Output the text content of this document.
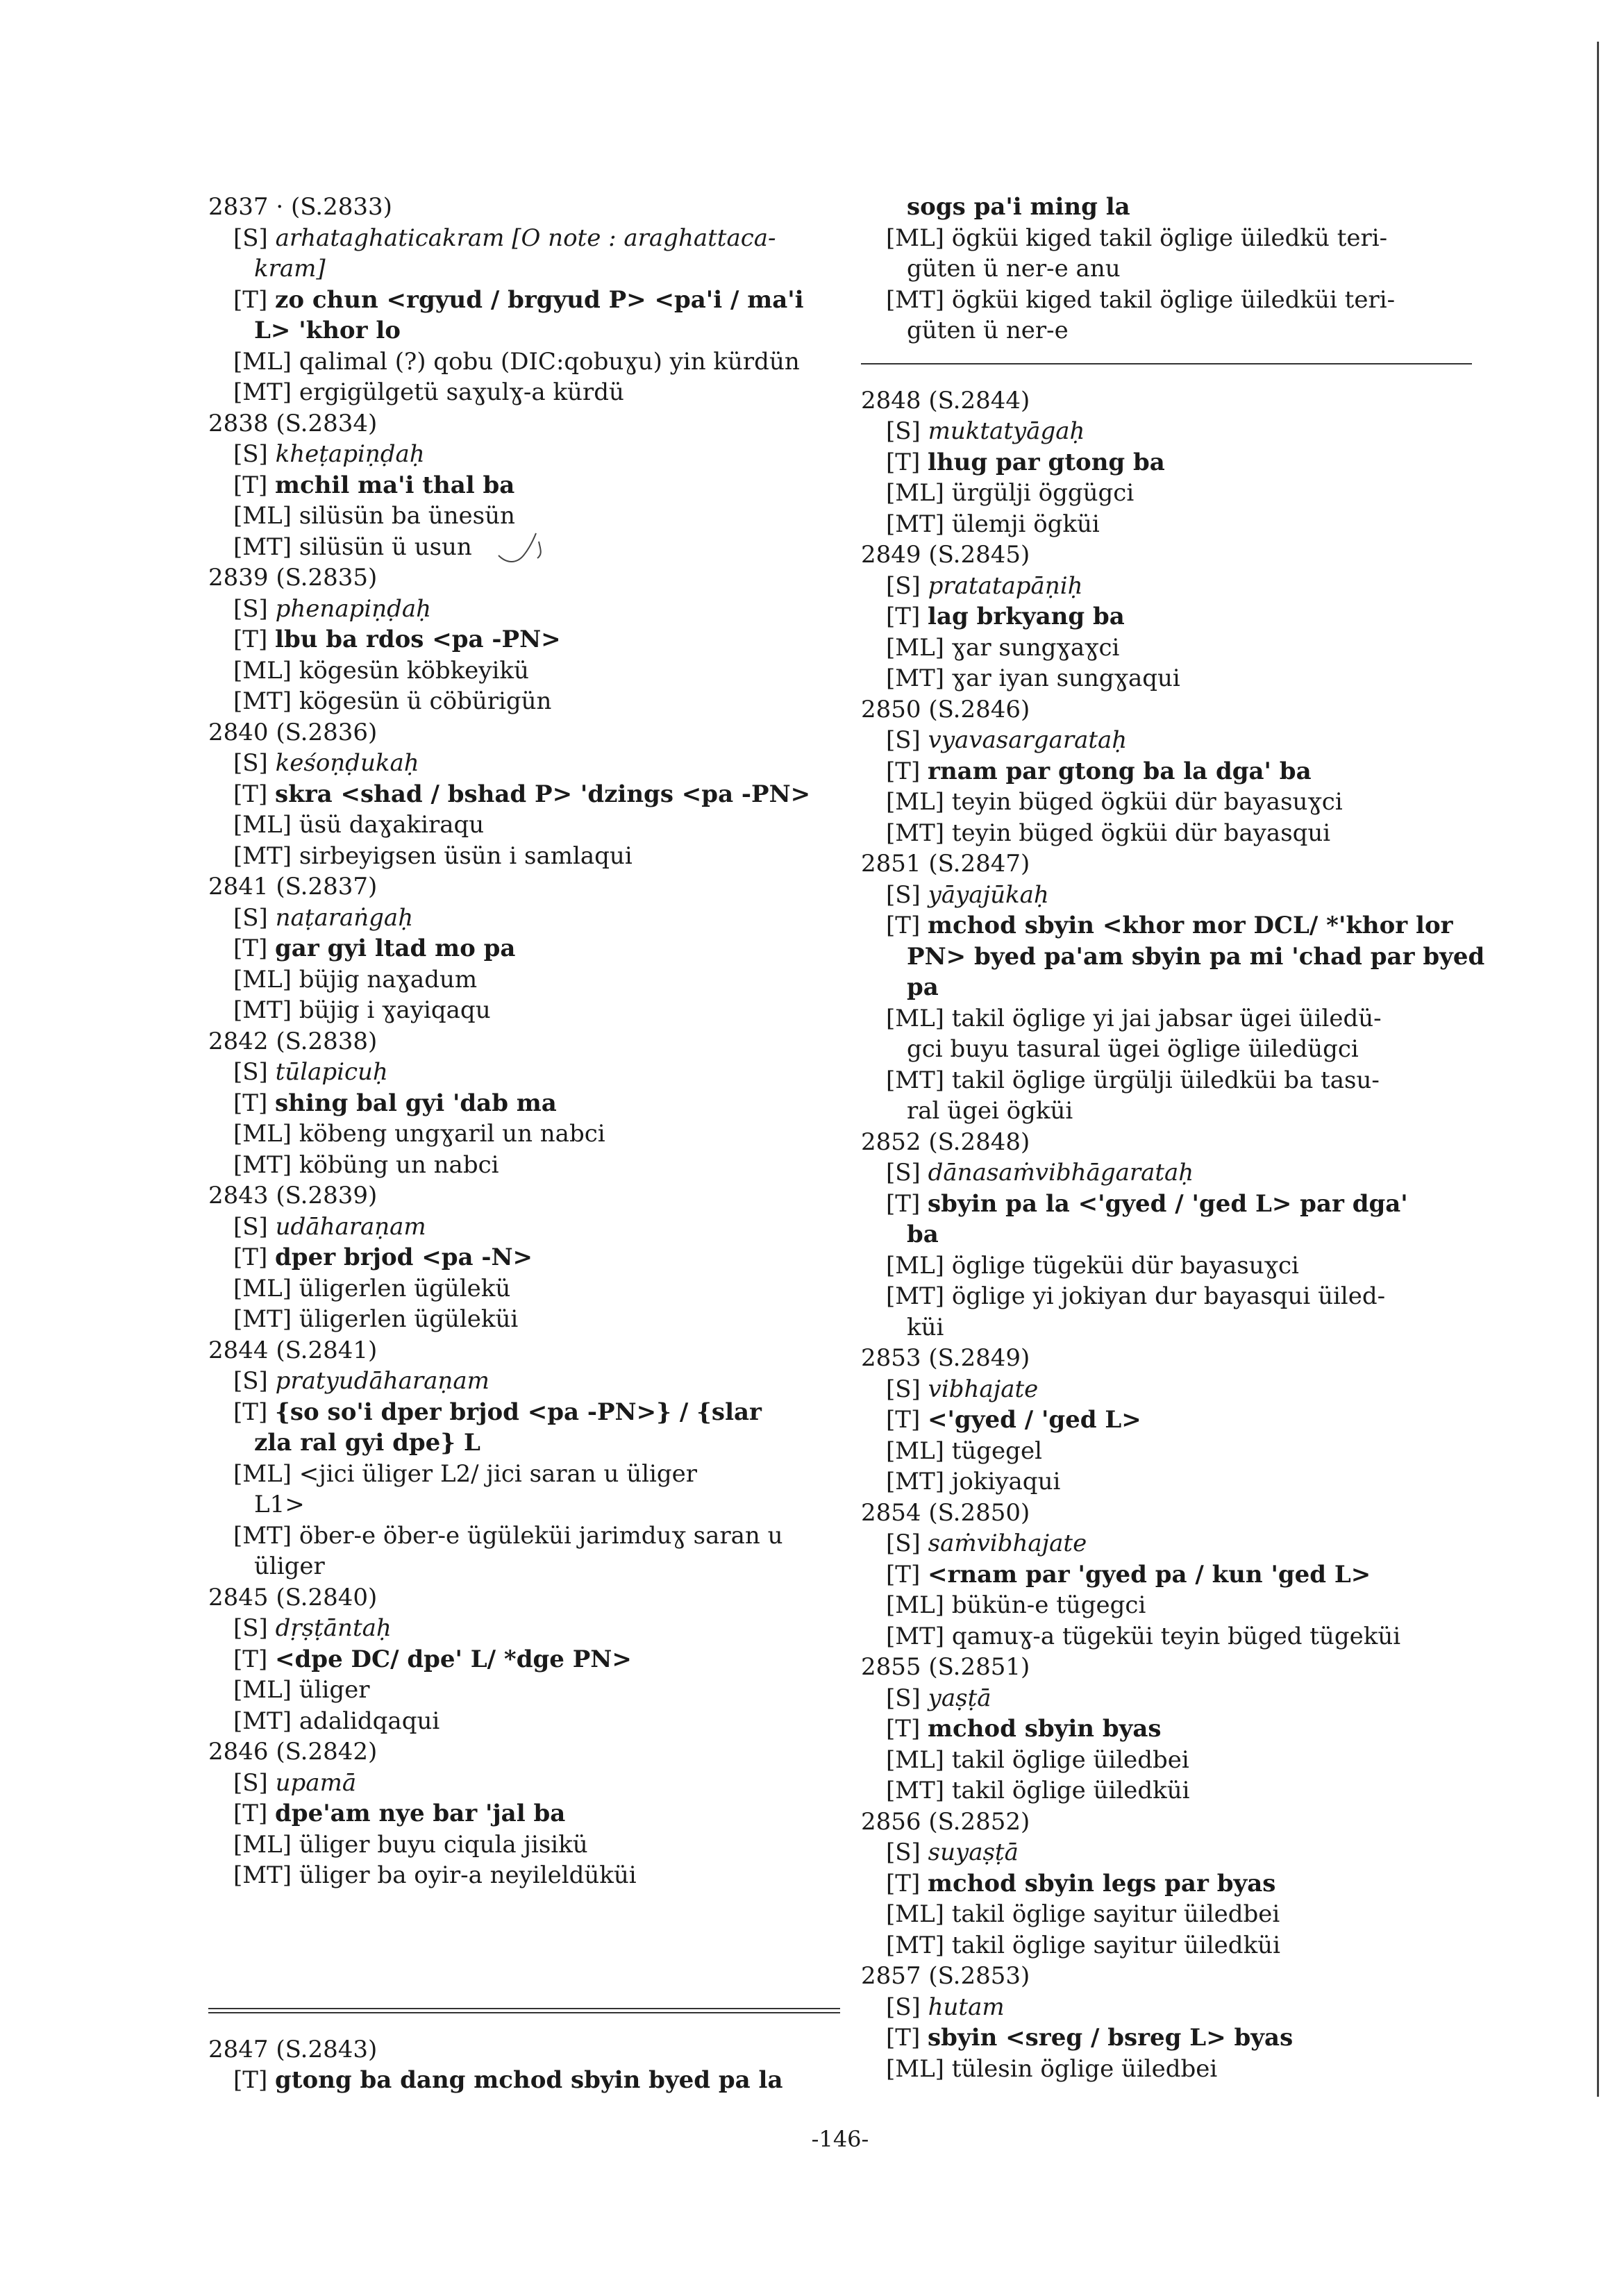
2837 · (S.2833)
[S] arhataghaticakram [O note : araghattaca-
kram]
[T] zo chun <rgyud / brgyud P> <pa'i / ma'i
L> 'khor lo
[ML] qalimal (?) qobu (DIC:qobuɣu) yin kürdün
[MT] ergigülgetü saɣulɣ-a kürdü
2838 (S.2834)
[S] kheṭapiṇḍaḥ
[T] mchil ma'i thal ba
[ML] silüsün ba ünesün
[MT] silüsün ü usun
2839 (S.2835)
[S] phenapiṇḍaḥ
[T] lbu ba rdos <pa -PN>
[ML] kögesün köbkeyikü
[MT] kögesün ü cöbürigün
2840 (S.2836)
[S] keśoṇḍukaḥ
[T] skra <shad / bshad P> 'dzings <pa -PN>
[ML] üsü daɣakiraqu
[MT] sirbeyigsen üsün i samlaqui
2841 (S.2837)
[S] naṭaraṅgaḥ
[T] gar gyi ltad mo pa
[ML] büjig naɣadum
[MT] büjig i ɣayiqaqu
2842 (S.2838)
[S] tūlapicuḥ
[T] shing bal gyi 'dab ma
[ML] köbeng ungɣaril un nabci
[MT] köbüng un nabci
2843 (S.2839)
[S] udāharaṇam
[T] dper brjod <pa -N>
[ML] üligerlen ügülekü
[MT] üligerlen ügüleküi
2844 (S.2841)
[S] pratyudāharaṇam
[T] {so so'i dper brjod <pa -PN>} / {slar
zla ral gyi dpe} L
[ML] <jici üliger L2/ jici saran u üliger
L1>
[MT] öber-e öber-e ügüleküi jarimduɣ saran u
üliger
2845 (S.2840)
[S] dṛṣṭāntaḥ
[T] <dpe DC/ dpe' L/ *dge PN>
[ML] üliger
[MT] adalidqaqui
2846 (S.2842)
[S] upamā
[T] dpe'am nye bar 'jal ba
[ML] üliger buyu ciqula jisikü
[MT] üliger ba oyir-a neyileldüküi
2847 (S.2843)
[T] gtong ba dang mchod sbyin byed pa la
sogs pa'i ming la
[ML] ögküi kiged takil öglige üiledkü teri-
güten ü ner-e anu
[MT] ögküi kiged takil öglige üiledküi teri-
güten ü ner-e
2848 (S.2844)
[S] muktatyāgaḥ
[T] lhug par gtong ba
[ML] ürgülji öggügci
[MT] ülemji ögküi
2849 (S.2845)
[S] pratatapāṇiḥ
[T] lag brkyang ba
[ML] ɣar sungɣaɣci
[MT] ɣar iyan sungɣaqui
2850 (S.2846)
[S] vyavasargarataḥ
[T] rnam par gtong ba la dga' ba
[ML] teyin büged ögküi dür bayasuɣci
[MT] teyin büged ögküi dür bayasqui
2851 (S.2847)
[S] yāyajūkaḥ
[T] mchod sbyin <khor mor DCL/ *'khor lor
PN> byed pa'am sbyin pa mi 'chad par byed
pa
[ML] takil öglige yi jai jabsar ügei üiledü-
gci buyu tasural ügei öglige üiledügci
[MT] takil öglige ürgülji üiledküi ba tasu-
ral ügei ögküi
2852 (S.2848)
[S] dānasaṁvibhāgarataḥ
[T] sbyin pa la <'gyed / 'ged L> par dga'
ba
[ML] öglige tügeküi dür bayasuɣci
[MT] öglige yi jokiyan dur bayasqui üiled-
küi
2853 (S.2849)
[S] vibhajate
[T] <'gyed / 'ged L>
[ML] tügegel
[MT] jokiyaqui
2854 (S.2850)
[S] saṁvibhajate
[T] <rnam par 'gyed pa / kun 'ged L>
[ML] bükün-e tügegci
[MT] qamuɣ-a tügeküi teyin büged tügeküi
2855 (S.2851)
[S] yaṣṭā
[T] mchod sbyin byas
[ML] takil öglige üiledbei
[MT] takil öglige üiledküi
2856 (S.2852)
[S] suyaṣṭā
[T] mchod sbyin legs par byas
[ML] takil öglige sayitur üiledbei
[MT] takil öglige sayitur üiledküi
2857 (S.2853)
[S] hutam
[T] sbyin <sreg / bsreg L> byas
[ML] tülesin öglige üiledbei
-146-
